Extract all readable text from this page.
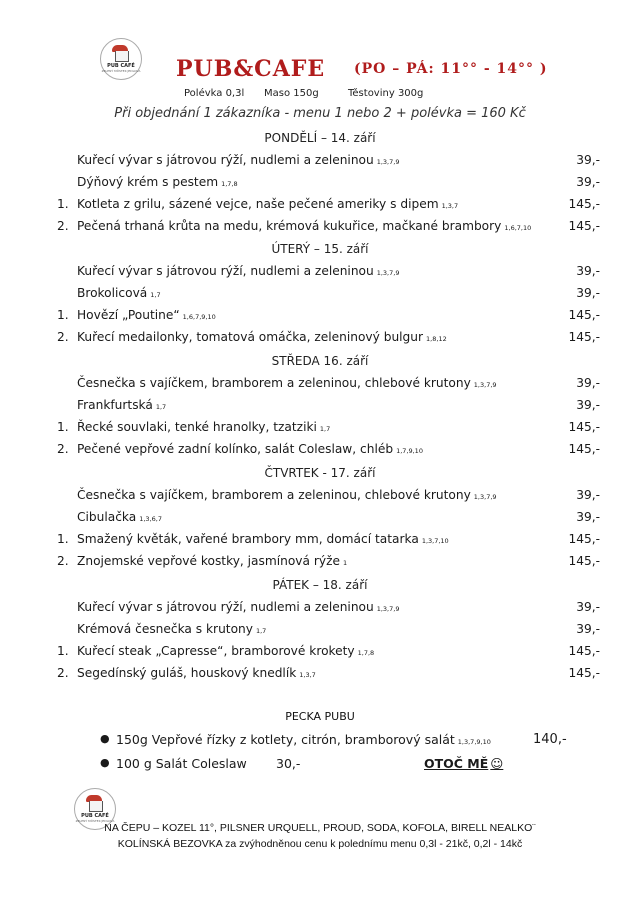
PUB CAFÉ
ZELENÝ MŮSTEK JEDLOVÁ PUB&CAFE (PO – PÁ: 11°° - 14°° )
Polévka 0,3l Maso 150g	Těstoviny 300g
Při objednání 1 zákazníka - menu 1 nebo 2 + polévka = 160 Kč
PONDĚLÍ – 14. září
Kuřecí vývar s játrovou rýží, nudlemi a zeleninou 1,3,7,9	39,-
Dýňový krém s pestem 1,7,8	39,-
1. Kotleta z grilu, sázené vejce, naše pečené ameriky s dipem 1,3,7	145,-
2. Pečená trhaná krůta na medu, krémová kukuřice, mačkané brambory 1,6,7,10	145,-
ÚTERÝ – 15. září
Kuřecí vývar s játrovou rýží, nudlemi a zeleninou 1,3,7,9	39,-
Brokolicová 1,7	39,-
1. Hovězí „Poutine“ 1,6,7,9,10	145,-
2. Kuřecí medailonky, tomatová omáčka, zeleninový bulgur 1,8,12	145,-
STŘEDA 16. září
Česnečka s vajíčkem, bramborem a zeleninou, chlebové krutony 1,3,7,9	39,-
Frankfurtská 1,7	39,-
1. Řecké souvlaki, tenké hranolky, tzatziki 1,7	145,-
2. Pečené vepřové zadní kolínko, salát Coleslaw, chléb 1,7,9,10	145,-
ČTVRTEK - 17. září
Česnečka s vajíčkem, bramborem a zeleninou, chlebové krutony 1,3,7,9	39,-
Cibulačka 1,3,6,7	39,-
1. Smažený květák, vařené brambory mm, domácí tatarka 1,3,7,10	145,-
2. Znojemské vepřové kostky, jasmínová rýže 1	145,-
PÁTEK – 18. září
Kuřecí vývar s játrovou rýží, nudlemi a zeleninou 1,3,7,9	39,-
Krémová česnečka s krutony 1,7	39,-
1. Kuřecí steak „Capresse“, bramborové krokety 1,7,8	145,-
2. Segedínský guláš, houskový knedlík 1,3,7	145,-
PECKA PUBU
● 150g Vepřové řízky z kotlety, citrón, bramborový salát 1,3,7,9,10	140,-
● 100 g Salát Coleslaw 30,-	OTOČ MĚ ☺
PUB CAFÉ
ZELENÝ MŮSTEK JEDLOVÁ
NA ČEPU – KOZEL 11°, PILSNER URQUELL, PROUD, SODA, KOFOLA, BIRELL NEALKO¨
KOLÍNSKÁ BEZOVKA za zvýhodněnou cenu k polednímu menu 0,3l - 21kč, 0,2l - 14kč
